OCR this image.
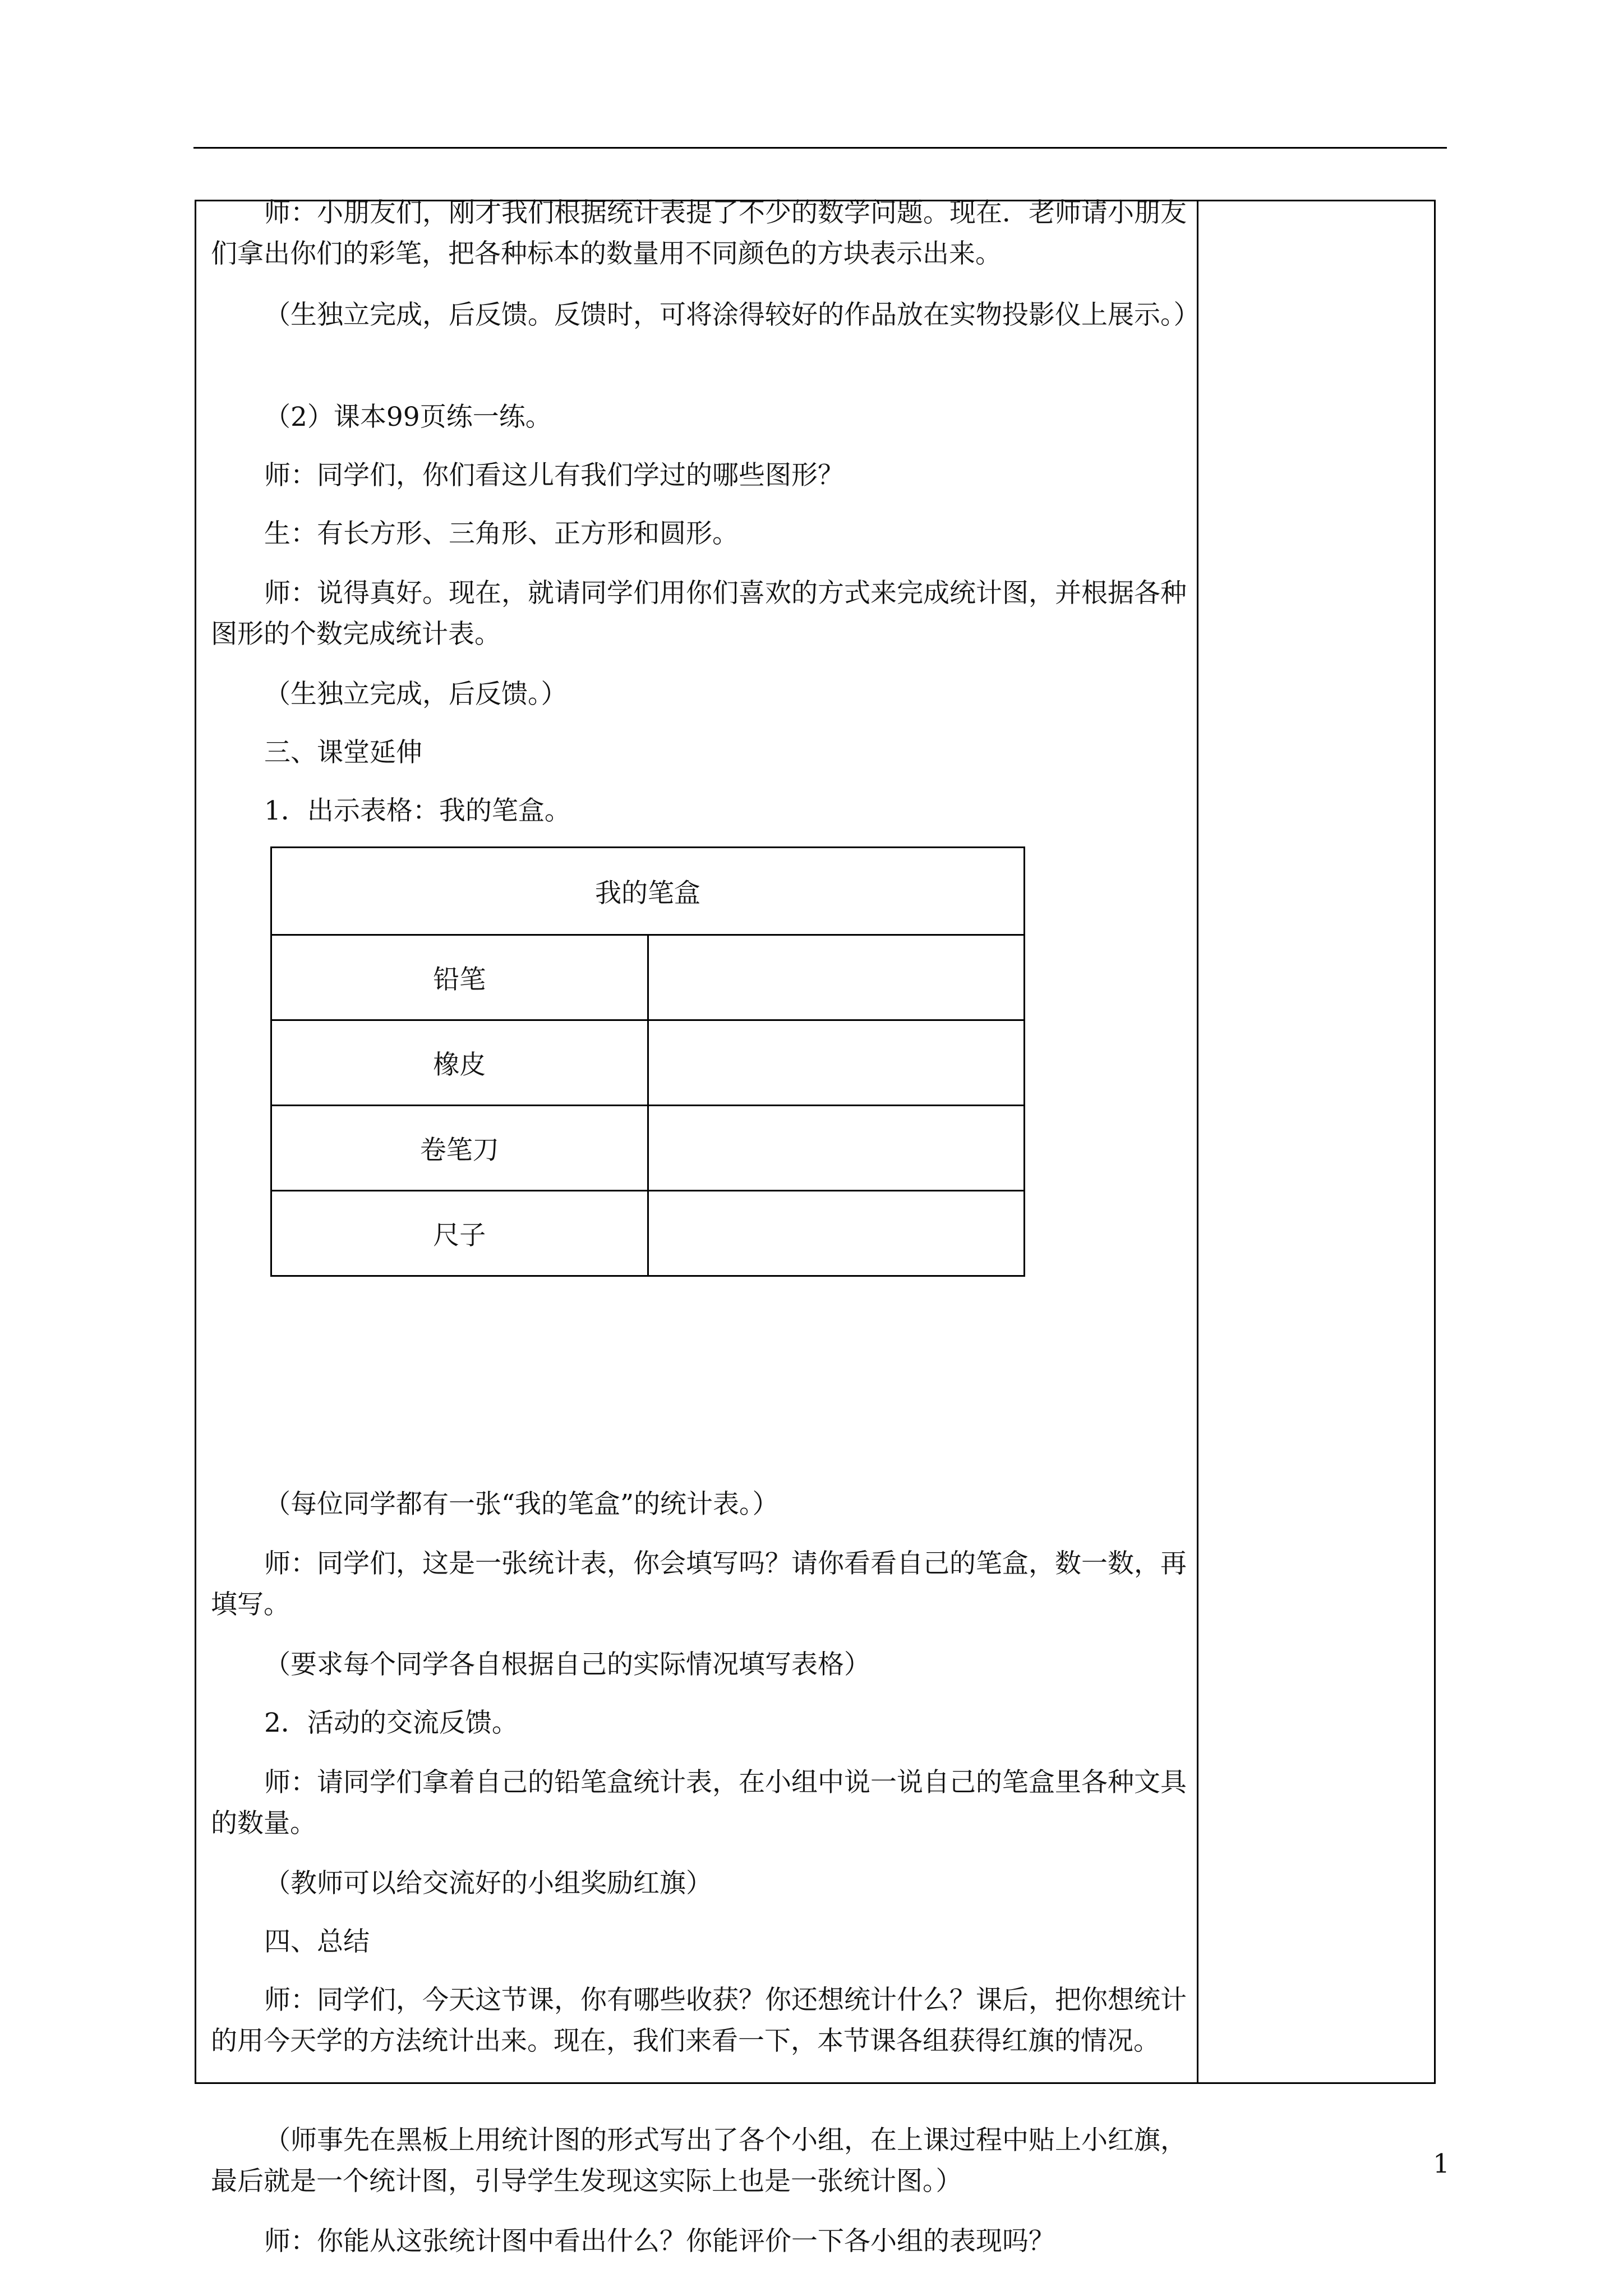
师：小朋友们，刚才我们根据统计表提了不少的数学问题。现在．老师请小朋友们拿出你们的彩笔，把各种标本的数量用不同颜色的方块表示出来。

（生独立完成，后反馈。反馈时，可将涂得较好的作品放在实物投影仪上展示。）

（2）课本99页练一练。

师：同学们，你们看这儿有我们学过的哪些图形？

生：有长方形、三角形、正方形和圆形。

师：说得真好。现在，就请同学们用你们喜欢的方式来完成统计图，并根据各种图形的个数完成统计表。

（生独立完成，后反馈。）

三、课堂延伸

1．出示表格：我的笔盒。

我的笔盒	
铅笔	
橡皮	
卷笔刀	
尺子	

（每位同学都有一张“我的笔盒”的统计表。）

师：同学们，这是一张统计表，你会填写吗？请你看看自己的笔盒，数一数，再填写。

（要求每个同学各自根据自己的实际情况填写表格）

2．活动的交流反馈。

师：请同学们拿着自己的铅笔盒统计表，在小组中说一说自己的笔盒里各种文具的数量。

（教师可以给交流好的小组奖励红旗）

四、总结

师：同学们，今天这节课，你有哪些收获？你还想统计什么？课后，把你想统计的用今天学的方法统计出来。现在，我们来看一下，本节课各组获得红旗的情况。

（师事先在黑板上用统计图的形式写出了各个小组，在上课过程中贴上小红旗，最后就是一个统计图，引导学生发现这实际上也是一张统计图。）

师：你能从这张统计图中看出什么？你能评价一下各小组的表现吗？

1
